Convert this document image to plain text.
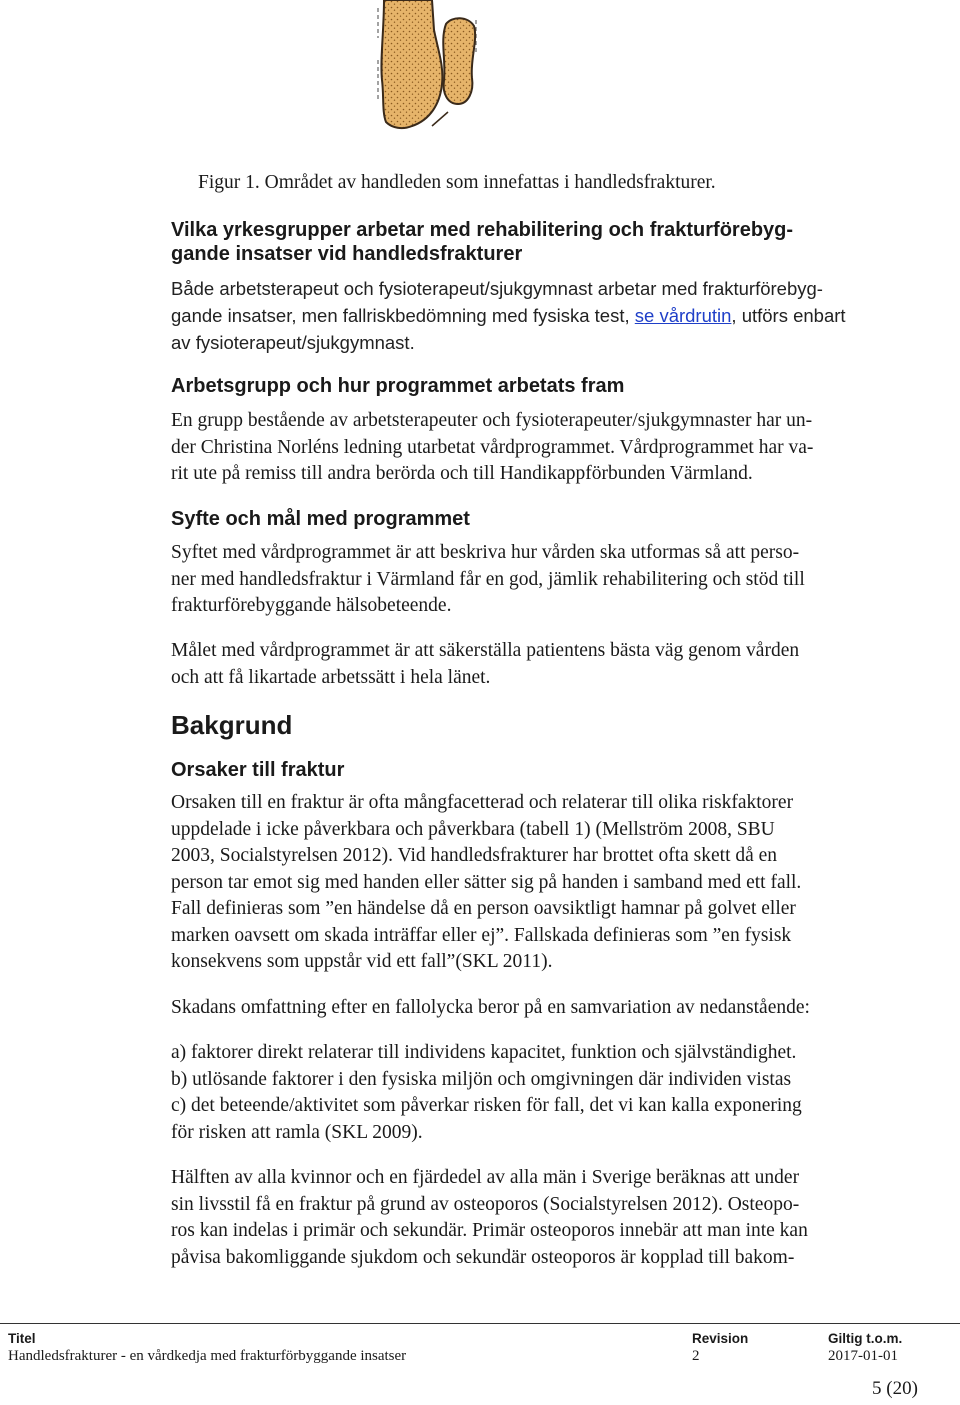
Figur 1. Området av handleden som innefattas i handledsfrakturer.
Vilka yrkesgrupper arbetar med rehabilitering och frakturförebyg-
gande insatser vid handledsfrakturer
Både arbetsterapeut och fysioterapeut/sjukgymnast arbetar med frakturförebyg-
gande insatser, men fallriskbedömning med fysiska test, se vårdrutin, utförs enbart
av fysioterapeut/sjukgymnast.
Arbetsgrupp och hur programmet arbetats fram
En grupp bestående av arbetsterapeuter och fysioterapeuter/sjukgymnaster har un-
der Christina Norléns ledning utarbetat vårdprogrammet. Vårdprogrammet har va-
rit ute på remiss till andra berörda och till Handikappförbunden Värmland.
Syfte och mål med programmet
Syftet med vårdprogrammet är att beskriva hur vården ska utformas så att perso-
ner med handledsfraktur i Värmland får en god, jämlik rehabilitering och stöd till
frakturförebyggande hälsobeteende.
Målet med vårdprogrammet är att säkerställa patientens bästa väg genom vården
och att få likartade arbetssätt i hela länet.
Bakgrund
Orsaker till fraktur
Orsaken till en fraktur är ofta mångfacetterad och relaterar till olika riskfaktorer
uppdelade i icke påverkbara och påverkbara (tabell 1) (Mellström 2008, SBU
2003, Socialstyrelsen 2012). Vid handledsfrakturer har brottet ofta skett då en
person tar emot sig med handen eller sätter sig på handen i samband med ett fall.
Fall definieras som ”en händelse då en person oavsiktligt hamnar på golvet eller
marken oavsett om skada inträffar eller ej”. Fallskada definieras som ”en fysisk
konsekvens som uppstår vid ett fall”(SKL 2011).
Skadans omfattning efter en fallolycka beror på en samvariation av nedanstående:
a) faktorer direkt relaterar till individens kapacitet, funktion och självständighet.
b) utlösande faktorer i den fysiska miljön och omgivningen där individen vistas
c) det beteende/aktivitet som påverkar risken för fall, det vi kan kalla exponering
för risken att ramla (SKL 2009).
Hälften av alla kvinnor och en fjärdedel av alla män i Sverige beräknas att under
sin livsstil få en fraktur på grund av osteoporos (Socialstyrelsen 2012). Osteopo-
ros kan indelas i primär och sekundär. Primär osteoporos innebär att man inte kan
påvisa bakomliggande sjukdom och sekundär osteoporos är kopplad till bakom-
Titel	Revision	Giltig t.o.m.
Handledsfrakturer - en vårdkedja med frakturförbyggande insatser	2	2017-01-01
5 (20)
